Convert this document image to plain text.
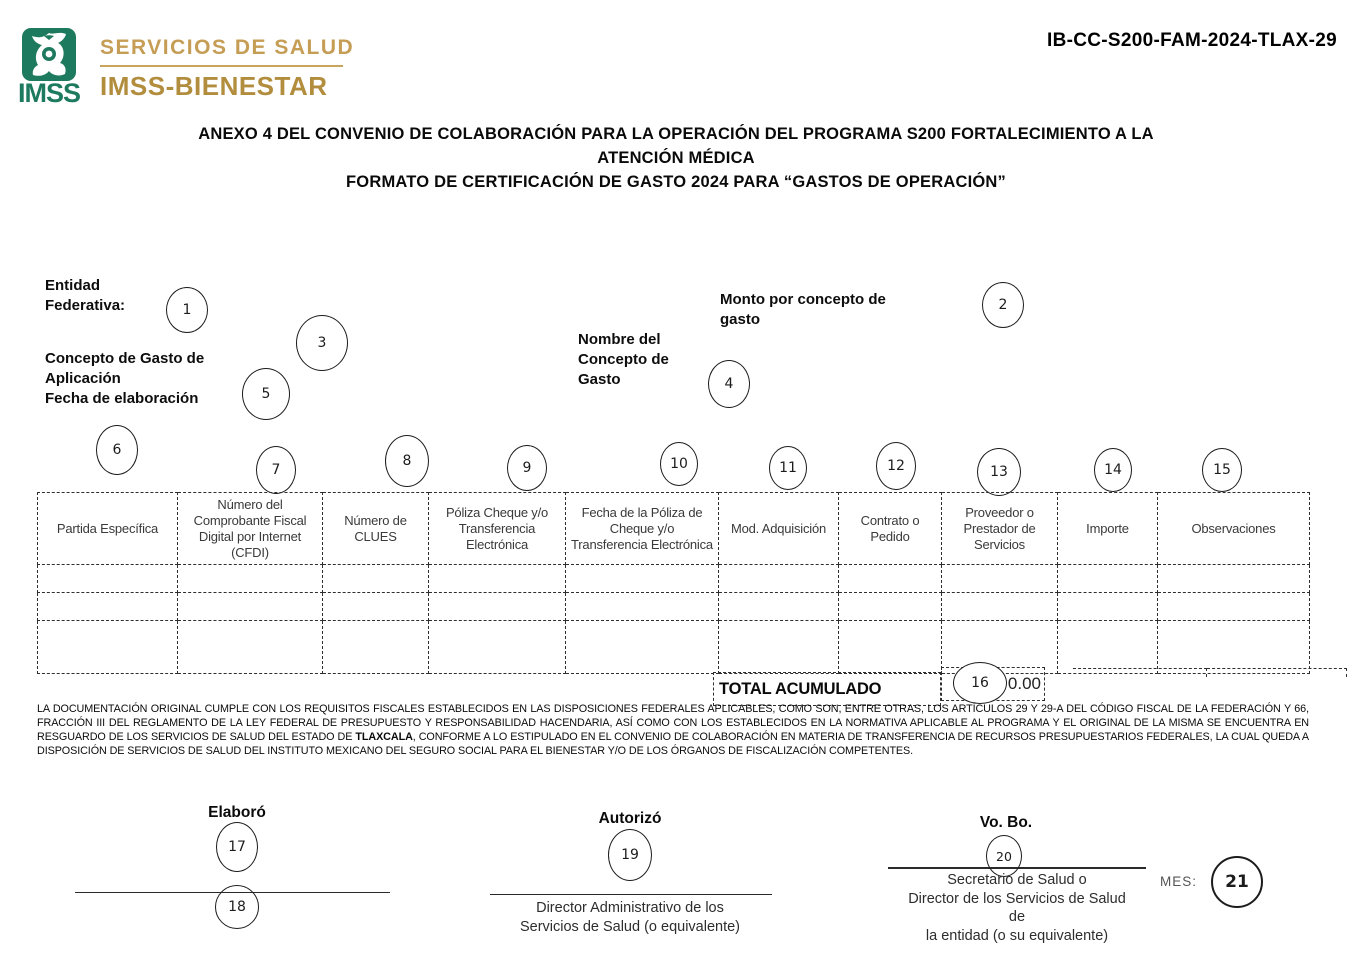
IMSS
SERVICIOS DE SALUD
IMSS-BIENESTAR
IB-CC-S200-FAM-2024-TLAX-29
ANEXO 4 DEL CONVENIO DE COLABORACIÓN PARA LA OPERACIÓN DEL PROGRAMA S200 FORTALECIMIENTO A LA
ATENCIÓN MÉDICA
FORMATO DE CERTIFICACIÓN DE GASTO 2024 PARA “GASTOS DE OPERACIÓN”
Entidad Federativa:	1
3
Concepto de Gasto de Aplicación
Fecha de elaboración	5
Nombre del Concepto de Gasto	4
Monto por concepto de gasto
2
6
7
8	9	10	11	12	13	14	15
Partida Específica	Número del Comprobante Fiscal Digital por Internet (CFDI)	Número de CLUES	Póliza Cheque y/o Transferencia Electrónica	Fecha de la Póliza de Cheque y/o Transferencia Electrónica	Mod. Adquisición	Contrato o Pedido	Proveedor o Prestador de Servicios	Importe	Observaciones

TOTAL ACUMULADO	0.00
16
LA DOCUMENTACIÓN ORIGINAL CUMPLE CON LOS REQUISITOS FISCALES ESTABLECIDOS EN LAS DISPOSICIONES FEDERALES APLICABLES, COMO SON, ENTRE OTRAS, LOS ARTÍCULOS 29 Y 29-A DEL CÓDIGO FISCAL DE LA FEDERACIÓN Y 66, FRACCIÓN III DEL REGLAMENTO DE LA LEY FEDERAL DE PRESUPUESTO Y RESPONSABILIDAD HACENDARIA, ASÍ COMO CON LOS ESTABLECIDOS EN LA NORMATIVA APLICABLE AL PROGRAMA Y EL ORIGINAL DE LA MISMA SE ENCUENTRA EN RESGUARDO DE LOS SERVICIOS DE SALUD DEL ESTADO DE TLAXCALA, CONFORME A LO ESTIPULADO EN EL CONVENIO DE COLABORACIÓN EN MATERIA DE TRANSFERENCIA DE RECURSOS PRESUPUESTARIOS FEDERALES, LA CUAL QUEDA A DISPOSICIÓN DE SERVICIOS DE SALUD DEL INSTITUTO MEXICANO DEL SEGURO SOCIAL PARA EL BIENESTAR Y/O DE LOS ÓRGANOS DE FISCALIZACIÓN COMPETENTES.
Elaboró
17
18
Autorizó
19
Director Administrativo de los
Servicios de Salud (o equivalente)
Vo. Bo.
20
Secretario de Salud o
Director de los Servicios de Salud
de
la entidad (o su equivalente)
MES:	21
